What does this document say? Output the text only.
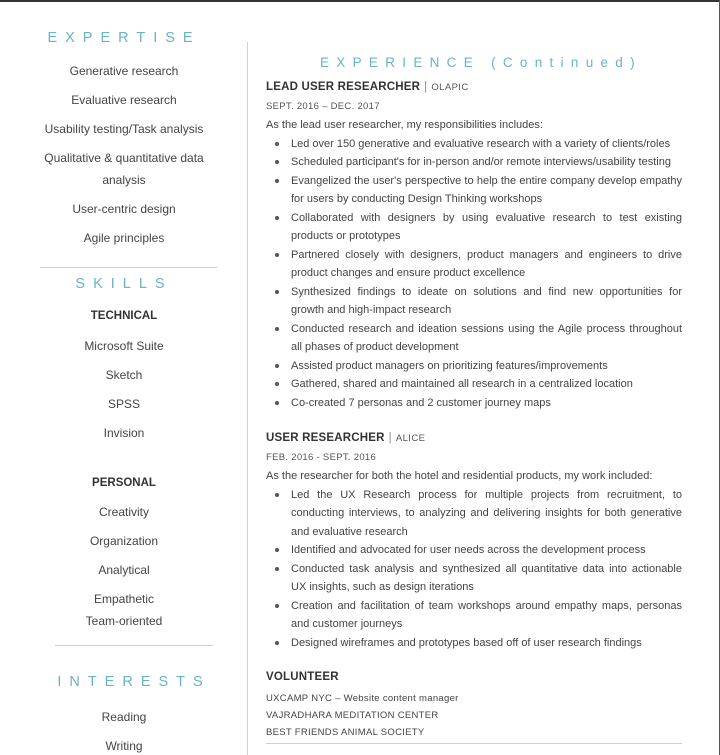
EXPERTISE
Generative research
Evaluative research
Usability testing/Task analysis
Qualitative & quantitative data
analysis
User-centric design
Agile principles
SKILLS
TECHNICAL
Microsoft Suite
Sketch
SPSS
Invision
PERSONAL
Creativity
Organization
Analytical
Empathetic
Team-oriented
INTERESTS
Reading
Writing
EXPERIENCE (Continued)
LEAD USER RESEARCHER | OLAPIC
SEPT. 2016 – DEC. 2017
As the lead user researcher, my responsibilities includes:
Led over 150 generative and evaluative research with a variety of clients/roles
Scheduled participant's for in-person and/or remote interviews/usability testing
Evangelized the user's perspective to help the entire company develop empathy for users by conducting Design Thinking workshops
Collaborated with designers by using evaluative research to test existing products or prototypes
Partnered closely with designers, product managers and engineers to drive product changes and ensure product excellence
Synthesized findings to ideate on solutions and find new opportunities for growth and high-impact research
Conducted research and ideation sessions using the Agile process throughout all phases of product development
Assisted product managers on prioritizing features/improvements
Gathered, shared and maintained all research in a centralized location
Co-created 7 personas and 2 customer journey maps
USER RESEARCHER | ALICE
FEB. 2016 - SEPT. 2016
As the researcher for both the hotel and residential products, my work included:
Led the UX Research process for multiple projects from recruitment, to conducting interviews, to analyzing and delivering insights for both generative and evaluative research
Identified and advocated for user needs across the development process
Conducted task analysis and synthesized all quantitative data into actionable UX insights, such as design iterations
Creation and facilitation of team workshops around empathy maps, personas and customer journeys
Designed wireframes and prototypes based off of user research findings
VOLUNTEER
UXCAMP NYC – Website content manager
VAJRADHARA MEDITATION CENTER
BEST FRIENDS ANIMAL SOCIETY
